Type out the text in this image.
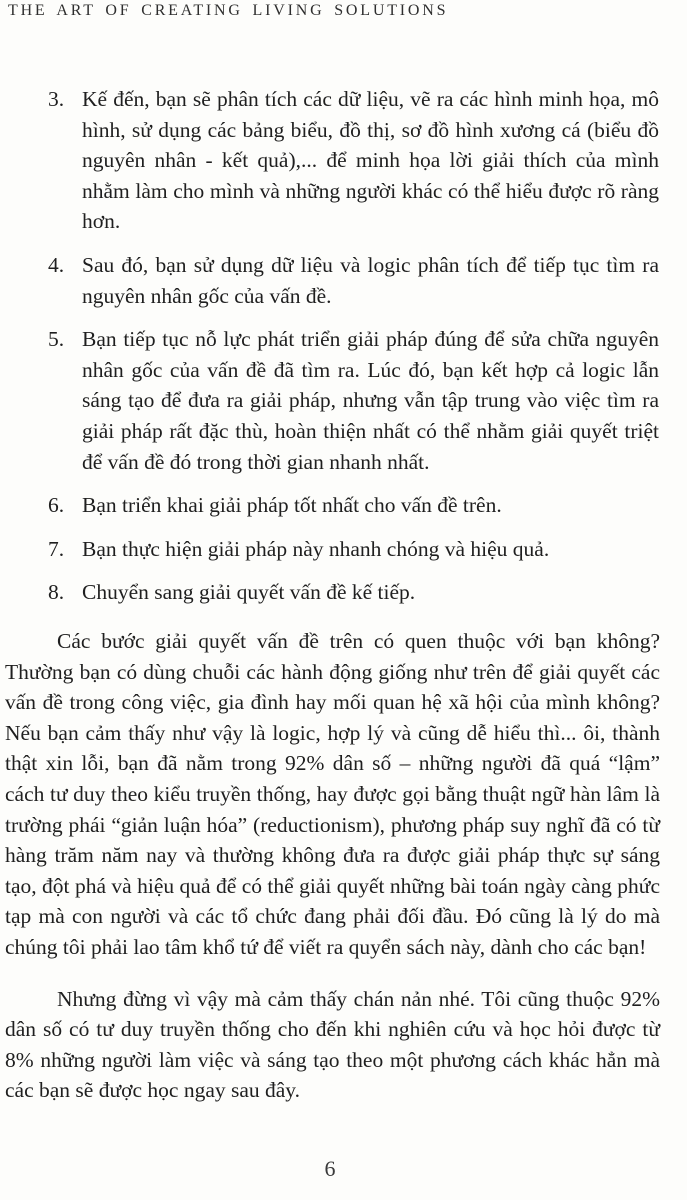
THE ART OF CREATING LIVING SOLUTIONS
3. Kế đến, bạn sẽ phân tích các dữ liệu, vẽ ra các hình minh họa, mô hình, sử dụng các bảng biểu, đồ thị, sơ đồ hình xương cá (biểu đồ nguyên nhân - kết quả),... để minh họa lời giải thích của mình nhằm làm cho mình và những người khác có thể hiểu được rõ ràng hơn.
4. Sau đó, bạn sử dụng dữ liệu và logic phân tích để tiếp tục tìm ra nguyên nhân gốc của vấn đề.
5. Bạn tiếp tục nỗ lực phát triển giải pháp đúng để sửa chữa nguyên nhân gốc của vấn đề đã tìm ra. Lúc đó, bạn kết hợp cả logic lẫn sáng tạo để đưa ra giải pháp, nhưng vẫn tập trung vào việc tìm ra giải pháp rất đặc thù, hoàn thiện nhất có thể nhằm giải quyết triệt để vấn đề đó trong thời gian nhanh nhất.
6. Bạn triển khai giải pháp tốt nhất cho vấn đề trên.
7. Bạn thực hiện giải pháp này nhanh chóng và hiệu quả.
8. Chuyển sang giải quyết vấn đề kế tiếp.

Các bước giải quyết vấn đề trên có quen thuộc với bạn không? Thường bạn có dùng chuỗi các hành động giống như trên để giải quyết các vấn đề trong công việc, gia đình hay mối quan hệ xã hội của mình không? Nếu bạn cảm thấy như vậy là logic, hợp lý và cũng dễ hiểu thì... ôi, thành thật xin lỗi, bạn đã nằm trong 92% dân số – những người đã quá “lậm” cách tư duy theo kiểu truyền thống, hay được gọi bằng thuật ngữ hàn lâm là trường phái “giản luận hóa” (reductionism), phương pháp suy nghĩ đã có từ hàng trăm năm nay và thường không đưa ra được giải pháp thực sự sáng tạo, đột phá và hiệu quả để có thể giải quyết những bài toán ngày càng phức tạp mà con người và các tổ chức đang phải đối đầu. Đó cũng là lý do mà chúng tôi phải lao tâm khổ tứ để viết ra quyển sách này, dành cho các bạn!

Nhưng đừng vì vậy mà cảm thấy chán nản nhé. Tôi cũng thuộc 92% dân số có tư duy truyền thống cho đến khi nghiên cứu và học hỏi được từ 8% những người làm việc và sáng tạo theo một phương cách khác hẳn mà các bạn sẽ được học ngay sau đây.

6
